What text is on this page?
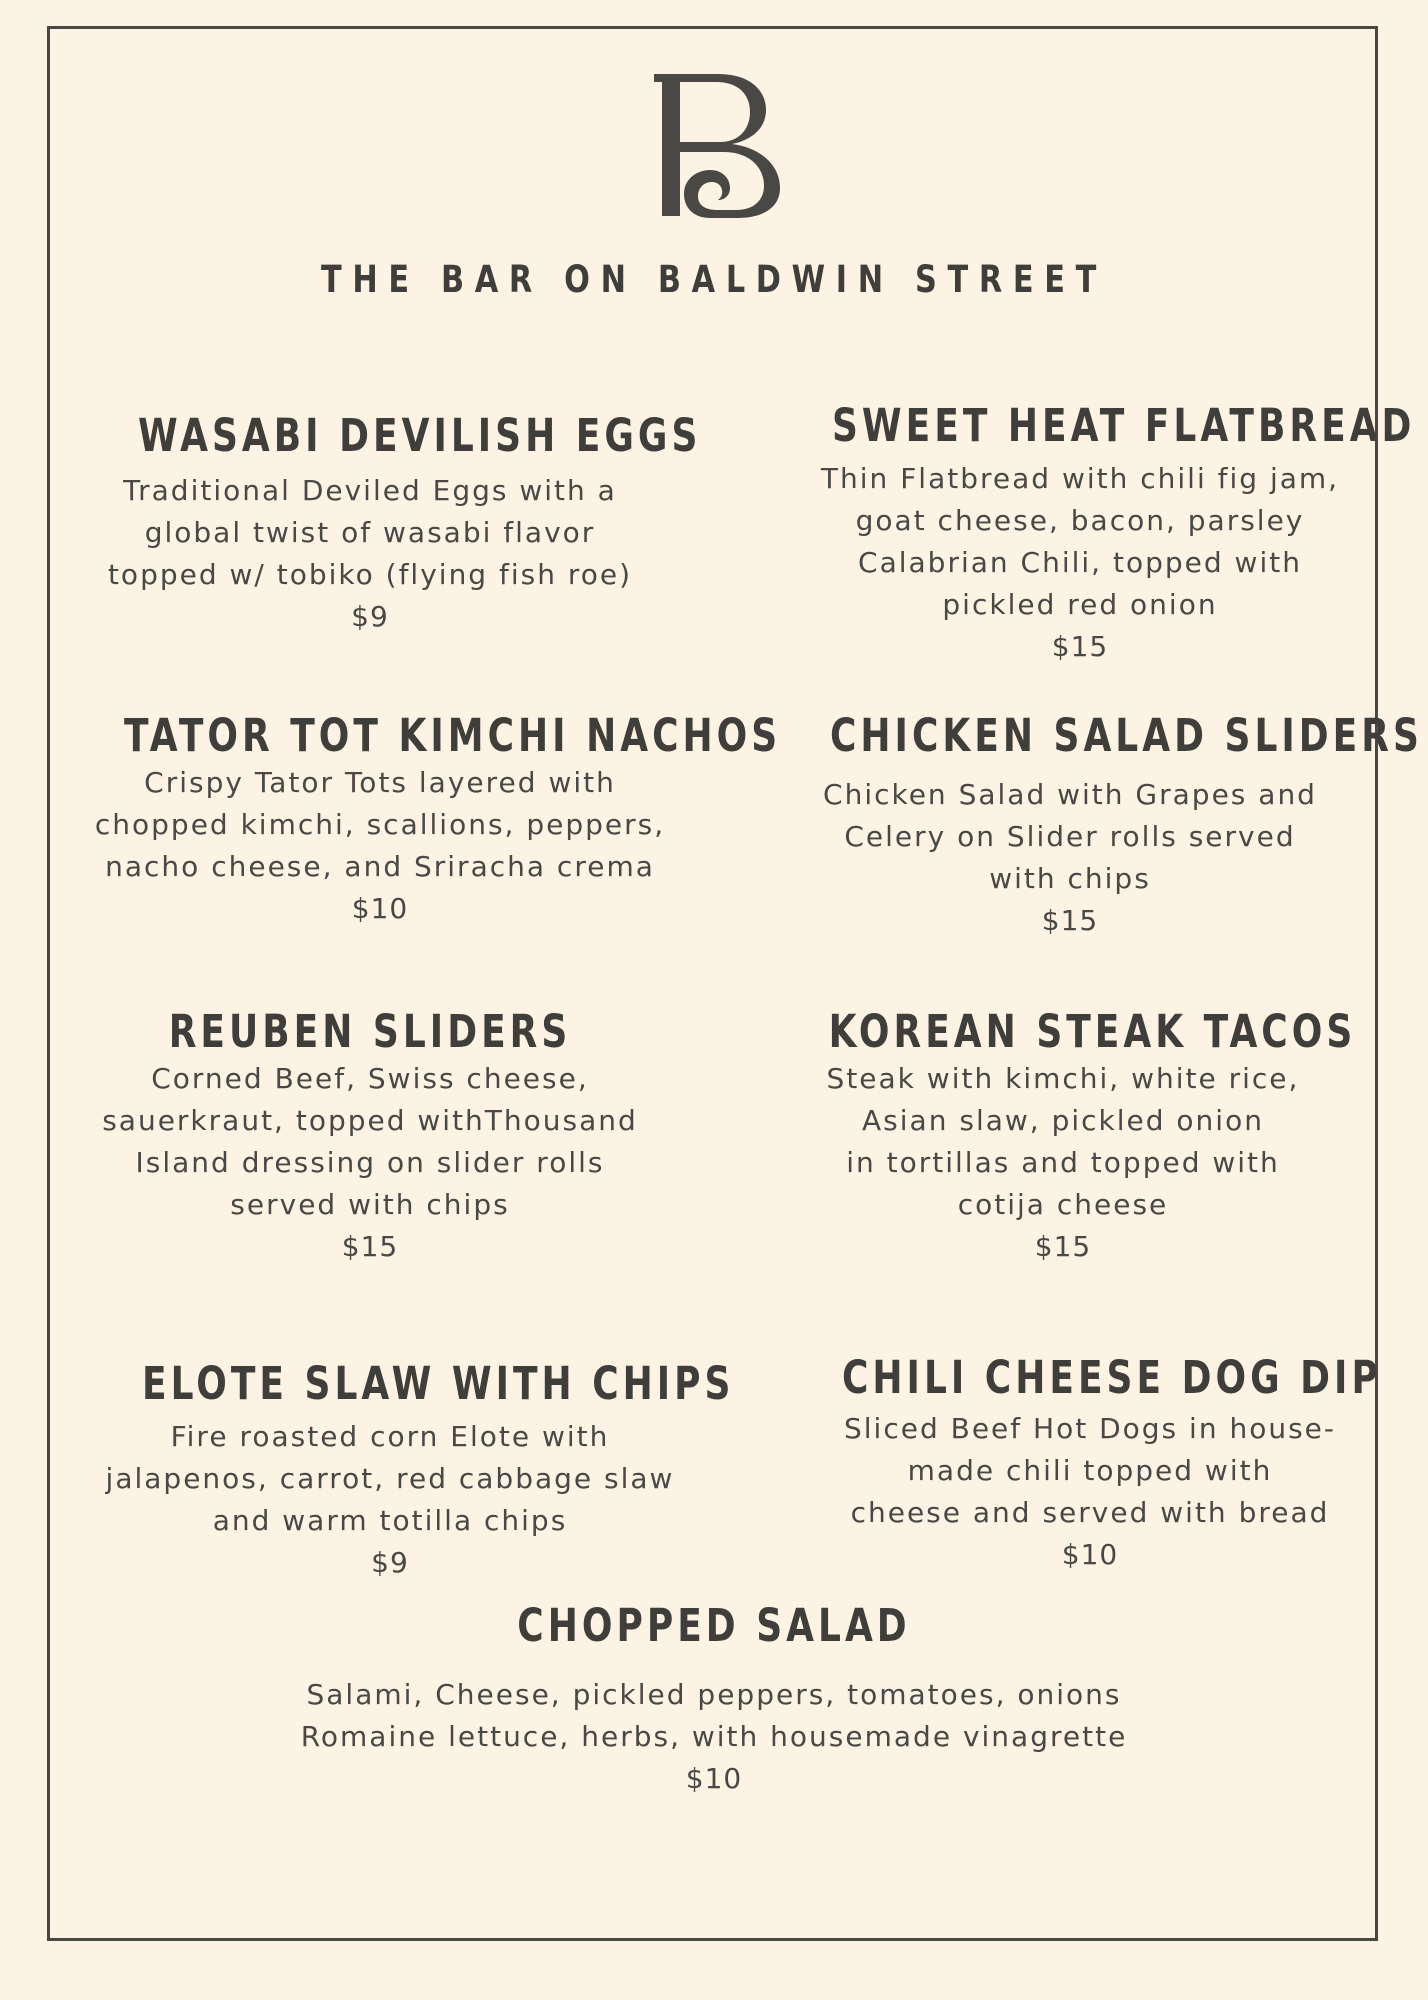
THE BAR ON BALDWIN STREET
WASABI DEVILISH EGGS
Traditional Deviled Eggs with a
global twist of wasabi flavor
topped w/ tobiko (flying fish roe)
$9
SWEET HEAT FLATBREAD
Thin Flatbread with chili fig jam,
goat cheese, bacon, parsley
Calabrian Chili, topped with
pickled red onion
$15
TATOR TOT KIMCHI NACHOS
Crispy Tator Tots layered with
chopped kimchi, scallions, peppers,
nacho cheese, and Sriracha crema
$10
CHICKEN SALAD SLIDERS
Chicken Salad with Grapes and
Celery on Slider rolls served
with chips
$15
REUBEN SLIDERS
Corned Beef, Swiss cheese,
sauerkraut, topped withThousand
Island dressing on slider rolls
served with chips
$15
KOREAN STEAK TACOS
Steak with kimchi, white rice,
Asian slaw, pickled onion
in tortillas and topped with
cotija cheese
$15
ELOTE SLAW WITH CHIPS
Fire roasted corn Elote with
jalapenos, carrot, red cabbage slaw
and warm totilla chips
$9
CHILI CHEESE DOG DIP
Sliced Beef Hot Dogs in house-
made chili topped with
cheese and served with bread
$10
CHOPPED SALAD
Salami, Cheese, pickled peppers, tomatoes, onions
Romaine lettuce, herbs, with housemade vinagrette
$10
